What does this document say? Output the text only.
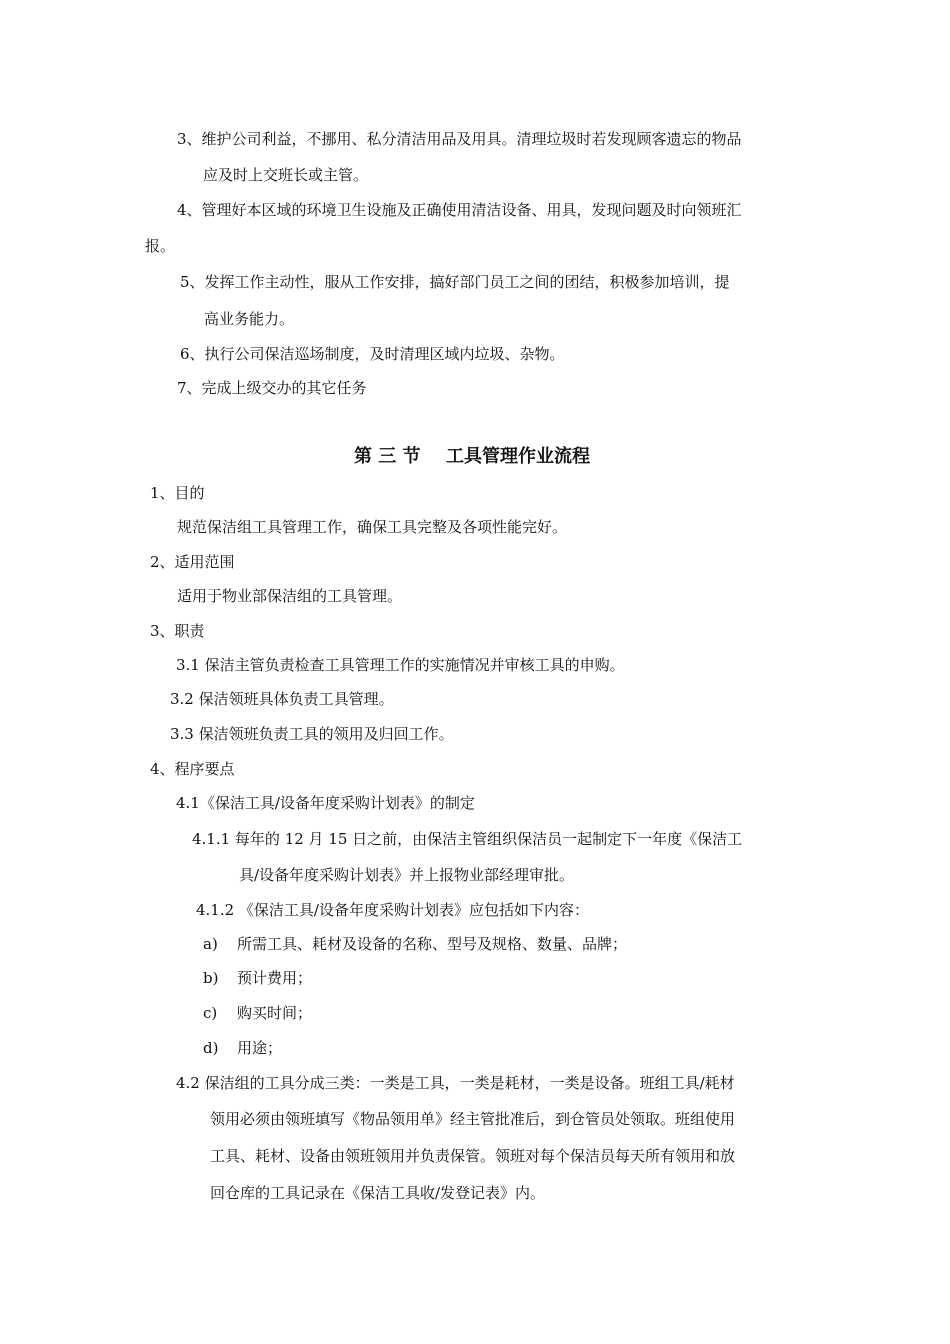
3、维护公司利益，不挪用、私分清洁用品及用具。清理垃圾时若发现顾客遗忘的物品
应及时上交班长或主管。
4、管理好本区域的环境卫生设施及正确使用清洁设备、用具，发现问题及时向领班汇
报。
5、发挥工作主动性，服从工作安排，搞好部门员工之间的团结，积极参加培训，提
高业务能力。
6、执行公司保洁巡场制度，及时清理区域内垃圾、杂物。
7、完成上级交办的其它任务
第 三 节 工具管理作业流程
1、目的
规范保洁组工具管理工作，确保工具完整及各项性能完好。
2、适用范围
适用于物业部保洁组的工具管理。
3、职责
3.1 保洁主管负责检查工具管理工作的实施情况并审核工具的申购。
3.2 保洁领班具体负责工具管理。
3.3 保洁领班负责工具的领用及归回工作。
4、程序要点
4.1《保洁工具/设备年度采购计划表》的制定
4.1.1 每年的 12 月 15 日之前，由保洁主管组织保洁员一起制定下一年度《保洁工
具/设备年度采购计划表》并上报物业部经理审批。
4.1.2 《保洁工具/设备年度采购计划表》应包括如下内容：
a) 所需工具、耗材及设备的名称、型号及规格、数量、品牌；
b) 预计费用；
c) 购买时间；
d) 用途；
4.2 保洁组的工具分成三类：一类是工具，一类是耗材，一类是设备。班组工具/耗材
领用必须由领班填写《物品领用单》经主管批准后，到仓管员处领取。班组使用
工具、耗材、设备由领班领用并负责保管。领班对每个保洁员每天所有领用和放
回仓库的工具记录在《保洁工具收/发登记表》内。
